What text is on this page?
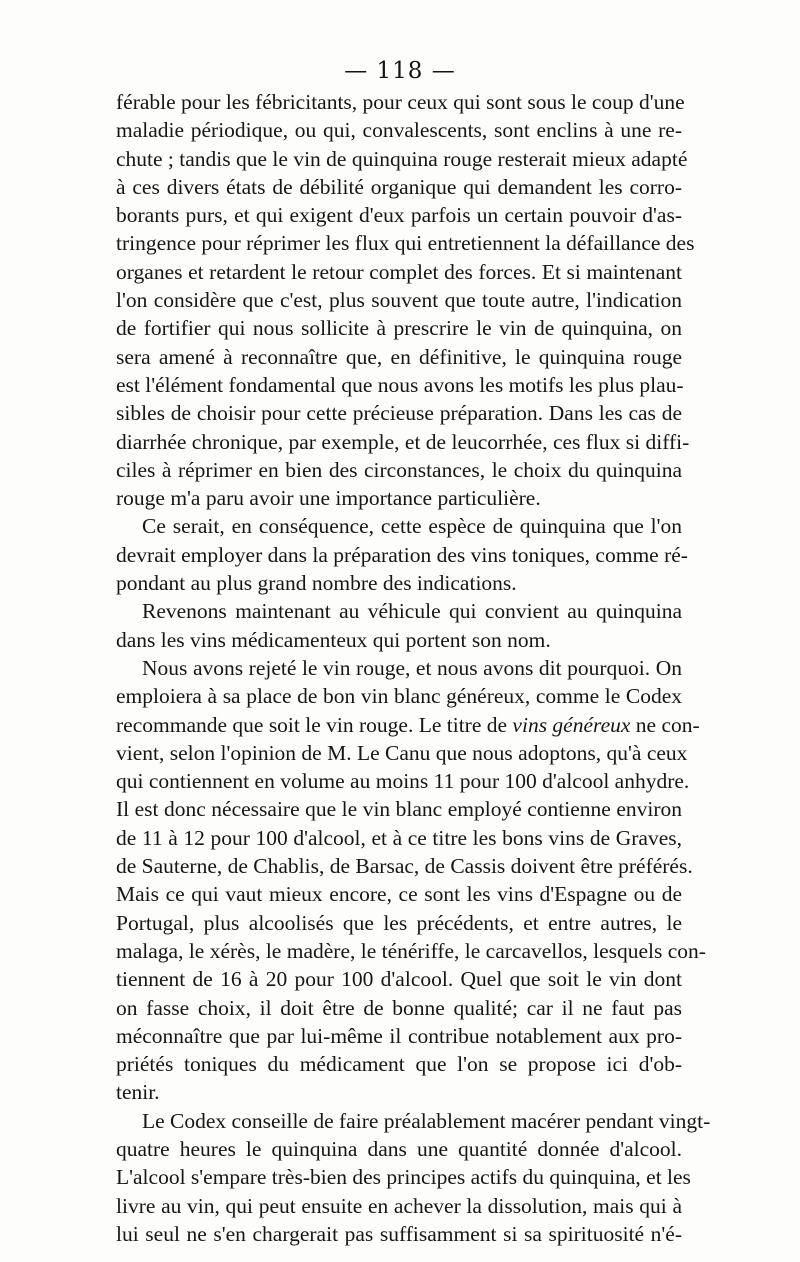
— 118 —

férable pour les fébricitants, pour ceux qui sont sous le coup d'une
maladie périodique, ou qui, convalescents, sont enclins à une re-
chute ; tandis que le vin de quinquina rouge resterait mieux adapté
à ces divers états de débilité organique qui demandent les corro-
borants purs, et qui exigent d'eux parfois un certain pouvoir d'as-
tringence pour réprimer les flux qui entretiennent la défaillance des
organes et retardent le retour complet des forces. Et si maintenant
l'on considère que c'est, plus souvent que toute autre, l'indication
de fortifier qui nous sollicite à prescrire le vin de quinquina, on
sera amené à reconnaître que, en définitive, le quinquina rouge
est l'élément fondamental que nous avons les motifs les plus plau-
sibles de choisir pour cette précieuse préparation. Dans les cas de
diarrhée chronique, par exemple, et de leucorrhée, ces flux si diffi-
ciles à réprimer en bien des circonstances, le choix du quinquina
rouge m'a paru avoir une importance particulière.

Ce serait, en conséquence, cette espèce de quinquina que l'on
devrait employer dans la préparation des vins toniques, comme ré-
pondant au plus grand nombre des indications.

Revenons maintenant au véhicule qui convient au quinquina
dans les vins médicamenteux qui portent son nom.

Nous avons rejeté le vin rouge, et nous avons dit pourquoi. On
emploiera à sa place de bon vin blanc généreux, comme le Codex
recommande que soit le vin rouge. Le titre de vins généreux ne con-
vient, selon l'opinion de M. Le Canu que nous adoptons, qu'à ceux
qui contiennent en volume au moins 11 pour 100 d'alcool anhydre.
Il est donc nécessaire que le vin blanc employé contienne environ
de 11 à 12 pour 100 d'alcool, et à ce titre les bons vins de Graves,
de Sauterne, de Chablis, de Barsac, de Cassis doivent être préférés.
Mais ce qui vaut mieux encore, ce sont les vins d'Espagne ou de
Portugal, plus alcoolisés que les précédents, et entre autres, le
malaga, le xérès, le madère, le ténériffe, le carcavellos, lesquels con-
tiennent de 16 à 20 pour 100 d'alcool. Quel que soit le vin dont
on fasse choix, il doit être de bonne qualité; car il ne faut pas
méconnaître que par lui-même il contribue notablement aux pro-
priétés toniques du médicament que l'on se propose ici d'ob-
tenir.

Le Codex conseille de faire préalablement macérer pendant vingt-
quatre heures le quinquina dans une quantité donnée d'alcool.
L'alcool s'empare très-bien des principes actifs du quinquina, et les
livre au vin, qui peut ensuite en achever la dissolution, mais qui à
lui seul ne s'en chargerait pas suffisamment si sa spirituosité n'é-
